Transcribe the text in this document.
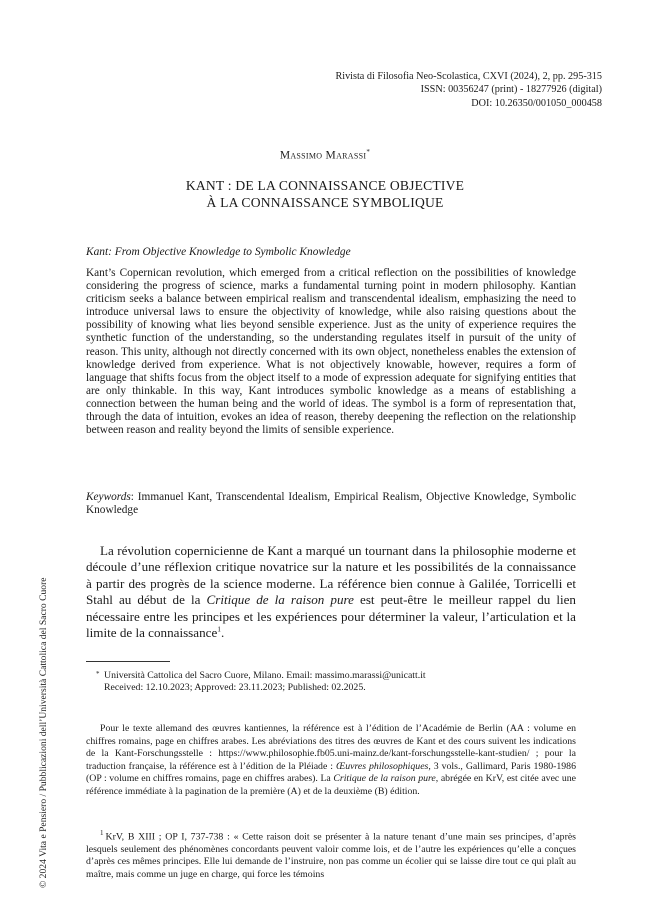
© 2024 Vita e Pensiero / Pubblicazioni dell’Università Cattolica del Sacro Cuore
Rivista di Filosofia Neo-Scolastica, CXVI (2024), 2, pp. 295-315
ISSN: 00356247 (print) - 18277926 (digital)
DOI: 10.26350/001050_000458
Massimo Marassi*
KANT : DE LA CONNAISSANCE OBJECTIVE
À LA CONNAISSANCE SYMBOLIQUE
Kant: From Objective Knowledge to Symbolic Knowledge
Kant’s Copernican revolution, which emerged from a critical reflection on the possibilities of knowledge considering the progress of science, marks a fundamental turning point in modern philosophy. Kantian criticism seeks a balance between empirical realism and transcendental idealism, emphasizing the need to introduce universal laws to ensure the objectivity of knowledge, while also raising questions about the possibility of knowing what lies beyond sensible experience. Just as the unity of experience requires the synthetic function of the understanding, so the understanding regulates itself in pursuit of the unity of reason. This unity, although not directly concerned with its own object, nonetheless enables the extension of knowledge derived from experience. What is not objectively knowable, however, requires a form of language that shifts focus from the object itself to a mode of expression adequate for signifying entities that are only thinkable. In this way, Kant introduces symbolic knowledge as a means of establishing a connection between the human being and the world of ideas. The symbol is a form of representation that, through the data of intuition, evokes an idea of reason, thereby deepening the reflection on the relationship between reason and reality beyond the limits of sensible experience.
Keywords: Immanuel Kant, Transcendental Idealism, Empirical Realism, Objective Knowledge, Symbolic Knowledge
La révolution copernicienne de Kant a marqué un tournant dans la philosophie moderne et découle d’une réflexion critique novatrice sur la nature et les possibilités de la connaissance à partir des progrès de la science moderne. La référence bien connue à Galilée, Torricelli et Stahl au début de la Critique de la raison pure est peut-être le meilleur rappel du lien nécessaire entre les principes et les expériences pour déterminer la valeur, l’articulation et la limite de la connaissance$^1$.
* Università Cattolica del Sacro Cuore, Milano. Email: massimo.marassi@unicatt.it
Received: 12.10.2023; Approved: 23.11.2023; Published: 02.2025.
Pour le texte allemand des œuvres kantiennes, la référence est à l’édition de l’Académie de Berlin (AA : volume en chiffres romains, page en chiffres arabes. Les abréviations des titres des œuvres de Kant et des cours suivent les indications de la Kant-Forschungsstelle : https://www.philosophie.fb05.uni-mainz.de/kant-forschungsstelle-kant-studien/ ; pour la traduction française, la référence est à l’édition de la Pléiade : Œuvres philosophiques, 3 vols., Gallimard, Paris 1980-1986 (OP : volume en chiffres romains, page en chiffres arabes). La Critique de la raison pure, abrégée en KrV, est citée avec une référence immédiate à la pagination de la première (A) et de la deuxième (B) édition.
$^1$ KrV, B XIII ; OP I, 737-738 : « Cette raison doit se présenter à la nature tenant d’une main ses principes, d’après lesquels seulement des phénomènes concordants peuvent valoir comme lois, et de l’autre les expériences qu’elle a conçues d’après ces mêmes principes. Elle lui demande de l’instruire, non pas comme un écolier qui se laisse dire tout ce qui plaît au maître, mais comme un juge en charge, qui force les témoins
